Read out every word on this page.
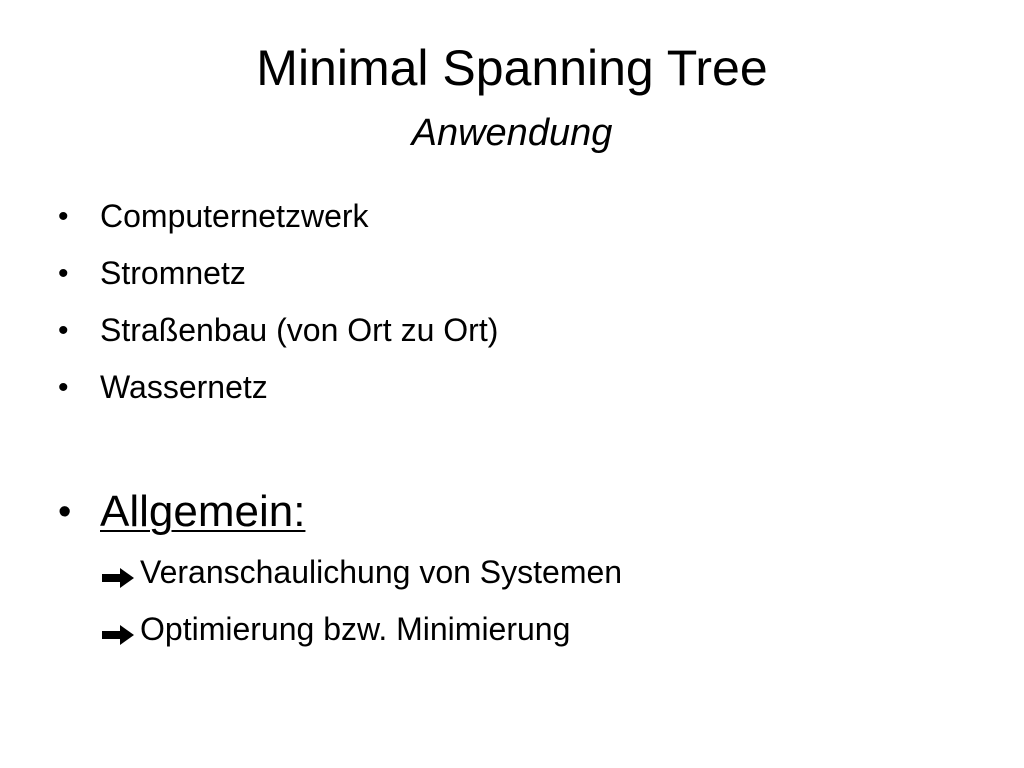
Minimal Spanning Tree
Anwendung
• Computernetzwerk
• Stromnetz
• Straßenbau (von Ort zu Ort)
• Wassernetz
• Allgemein:
Veranschaulichung von Systemen
Optimierung bzw. Minimierung
